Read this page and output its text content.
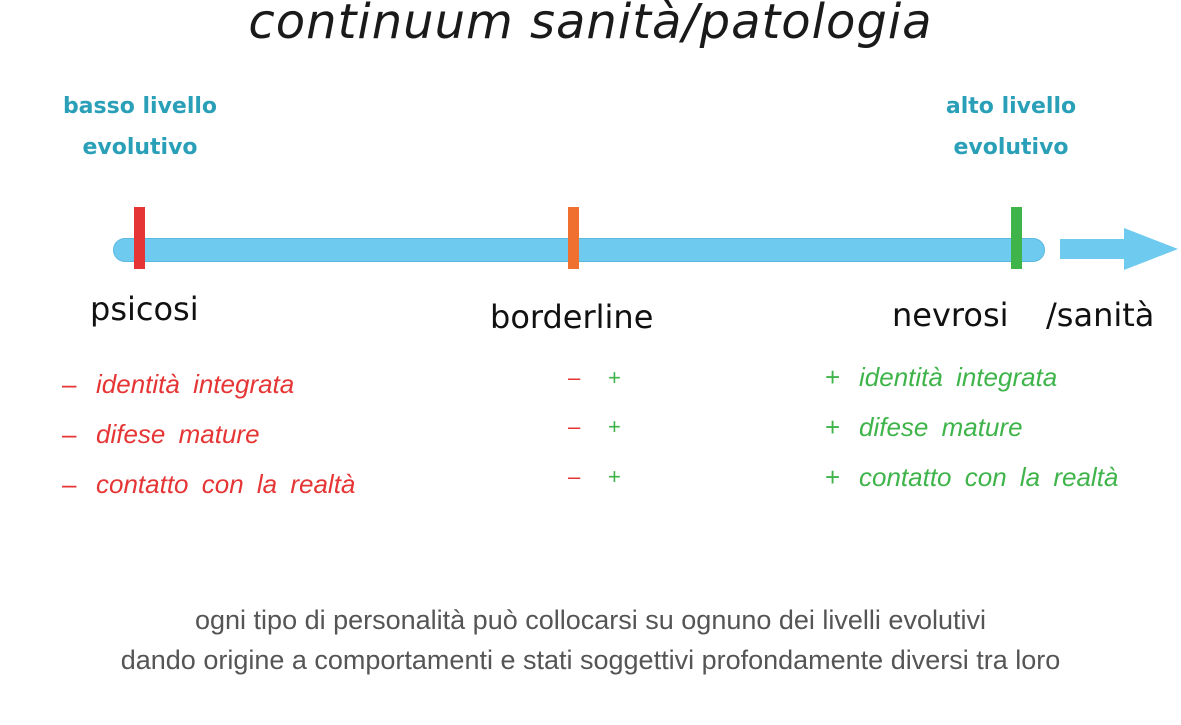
continuum sanità/patologia
basso livello
evolutivo
alto livello
evolutivo
psicosi	borderline	nevrosi /sanità
– identità integrata
– difese mature
– contatto con la realtà
– +
– +
– +
+ identità integrata
+ difese mature
+ contatto con la realtà
ogni tipo di personalità può collocarsi su ognuno dei livelli evolutivi
dando origine a comportamenti e stati soggettivi profondamente diversi tra loro
